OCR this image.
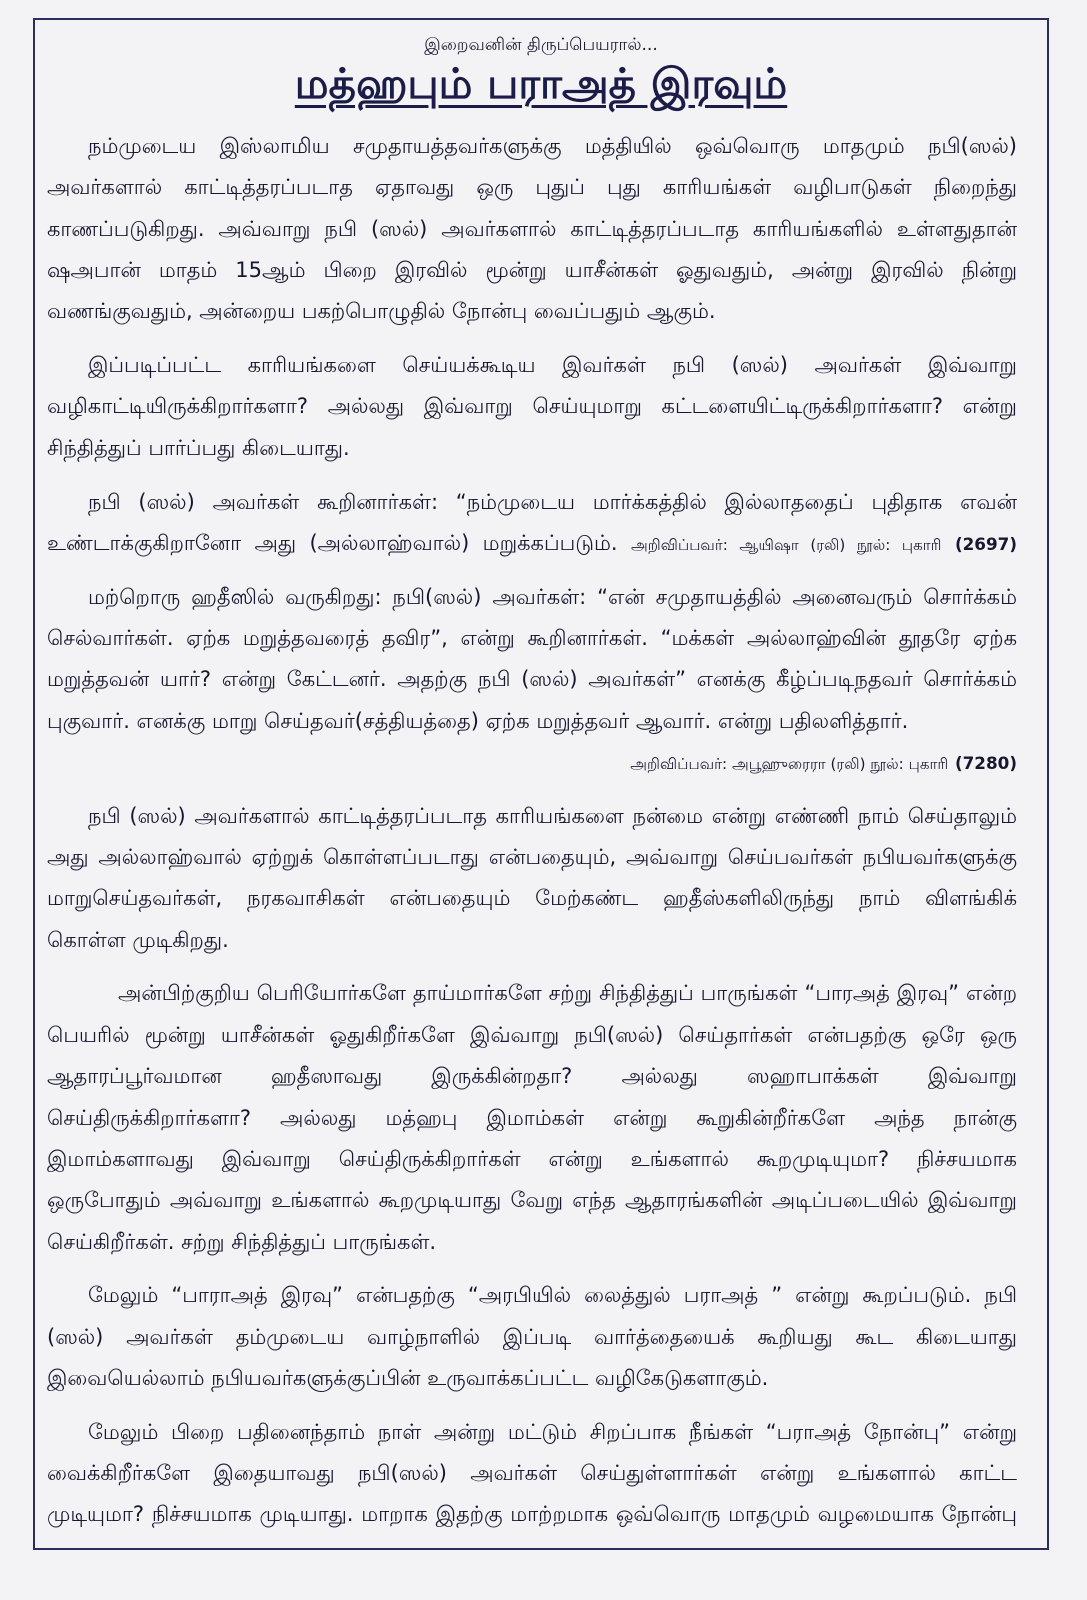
இறைவனின் திருப்பெயரால்...
மத்ஹபும் பராஅத் இரவும்
நம்முடைய இஸ்லாமிய சமுதாயத்தவர்களுக்கு மத்தியில் ஒவ்வொரு மாதமும் நபி(ஸல்)
அவர்களால் காட்டித்தரப்படாத ஏதாவது ஒரு புதுப் புது காரியங்கள் வழிபாடுகள் நிறைந்து
காணப்படுகிறது. அவ்வாறு நபி (ஸல்) அவர்களால் காட்டித்தரப்படாத காரியங்களில் உள்ளதுதான்
ஷஅபான் மாதம் 15ஆம் பிறை இரவில் மூன்று யாசீன்கள் ஓதுவதும், அன்று இரவில் நின்று
வணங்குவதும், அன்றைய பகற்பொழுதில் நோன்பு வைப்பதும் ஆகும்.
இப்படிப்பட்ட காரியங்களை செய்யக்கூடிய இவர்கள் நபி (ஸல்) அவர்கள் இவ்வாறு
வழிகாட்டியிருக்கிறார்களா? அல்லது இவ்வாறு செய்யுமாறு கட்டளையிட்டிருக்கிறார்களா? என்று
சிந்தித்துப் பார்ப்பது கிடையாது.
நபி (ஸல்) அவர்கள் கூறினார்கள்: “நம்முடைய மார்க்கத்தில் இல்லாததைப் புதிதாக எவன்
உண்டாக்குகிறானோ அது (அல்லாஹ்வால்) மறுக்கப்படும். அறிவிப்பவர்: ஆயிஷா (ரலி) நூல்: புகாரி (2697)
மற்றொரு ஹதீஸில் வருகிறது: நபி(ஸல்) அவர்கள்: “என் சமுதாயத்தில் அனைவரும் சொர்க்கம்
செல்வார்கள். ஏற்க மறுத்தவரைத் தவிர”, என்று கூறினார்கள். “மக்கள் அல்லாஹ்வின் தூதரே ஏற்க
மறுத்தவன் யார்? என்று கேட்டனர். அதற்கு நபி (ஸல்) அவர்கள்” எனக்கு கீழ்ப்படிநதவர் சொர்க்கம்
புகுவார். எனக்கு மாறு செய்தவர்(சத்தியத்தை) ஏற்க மறுத்தவர் ஆவார். என்று பதிலளித்தார்.
அறிவிப்பவர்: அபூஹுரைரா (ரலி) நூல்: புகாரி (7280)
நபி (ஸல்) அவர்களால் காட்டித்தரப்படாத காரியங்களை நன்மை என்று எண்ணி நாம் செய்தாலும்
அது அல்லாஹ்வால் ஏற்றுக் கொள்ளப்படாது என்பதையும், அவ்வாறு செய்பவர்கள் நபியவர்களுக்கு
மாறுசெய்தவர்கள், நரகவாசிகள் என்பதையும் மேற்கண்ட ஹதீஸ்களிலிருந்து நாம் விளங்கிக்
கொள்ள முடிகிறது.
அன்பிற்குறிய பெரியோர்களே தாய்மார்களே சற்று சிந்தித்துப் பாருங்கள் “பாரஅத் இரவு” என்ற
பெயரில் மூன்று யாசீன்கள் ஓதுகிறீர்களே இவ்வாறு நபி(ஸல்) செய்தார்கள் என்பதற்கு ஒரே ஒரு
ஆதாரப்பூர்வமான ஹதீஸாவது இருக்கின்றதா? அல்லது ஸஹாபாக்கள் இவ்வாறு
செய்திருக்கிறார்களா? அல்லது மத்ஹபு இமாம்கள் என்று கூறுகின்றீர்களே அந்த நான்கு
இமாம்களாவது இவ்வாறு செய்திருக்கிறார்கள் என்று உங்களால் கூறமுடியுமா? நிச்சயமாக
ஒருபோதும் அவ்வாறு உங்களால் கூறமுடியாது வேறு எந்த ஆதாரங்களின் அடிப்படையில் இவ்வாறு
செய்கிறீர்கள். சற்று சிந்தித்துப் பாருங்கள்.
மேலும் “பாராஅத் இரவு” என்பதற்கு “அரபியில் லைத்துல் பராஅத் ” என்று கூறப்படும். நபி
(ஸல்) அவர்கள் தம்முடைய வாழ்நாளில் இப்படி வார்த்தையைக் கூறியது கூட கிடையாது
இவையெல்லாம் நபியவர்களுக்குப்பின் உருவாக்கப்பட்ட வழிகேடுகளாகும்.
மேலும் பிறை பதினைந்தாம் நாள் அன்று மட்டும் சிறப்பாக நீங்கள் “பராஅத் நோன்பு” என்று
வைக்கிறீர்களே இதையாவது நபி(ஸல்) அவர்கள் செய்துள்ளார்கள் என்று உங்களால் காட்ட
முடியுமா? நிச்சயமாக முடியாது. மாறாக இதற்கு மாற்றமாக ஒவ்வொரு மாதமும் வழமையாக நோன்பு
